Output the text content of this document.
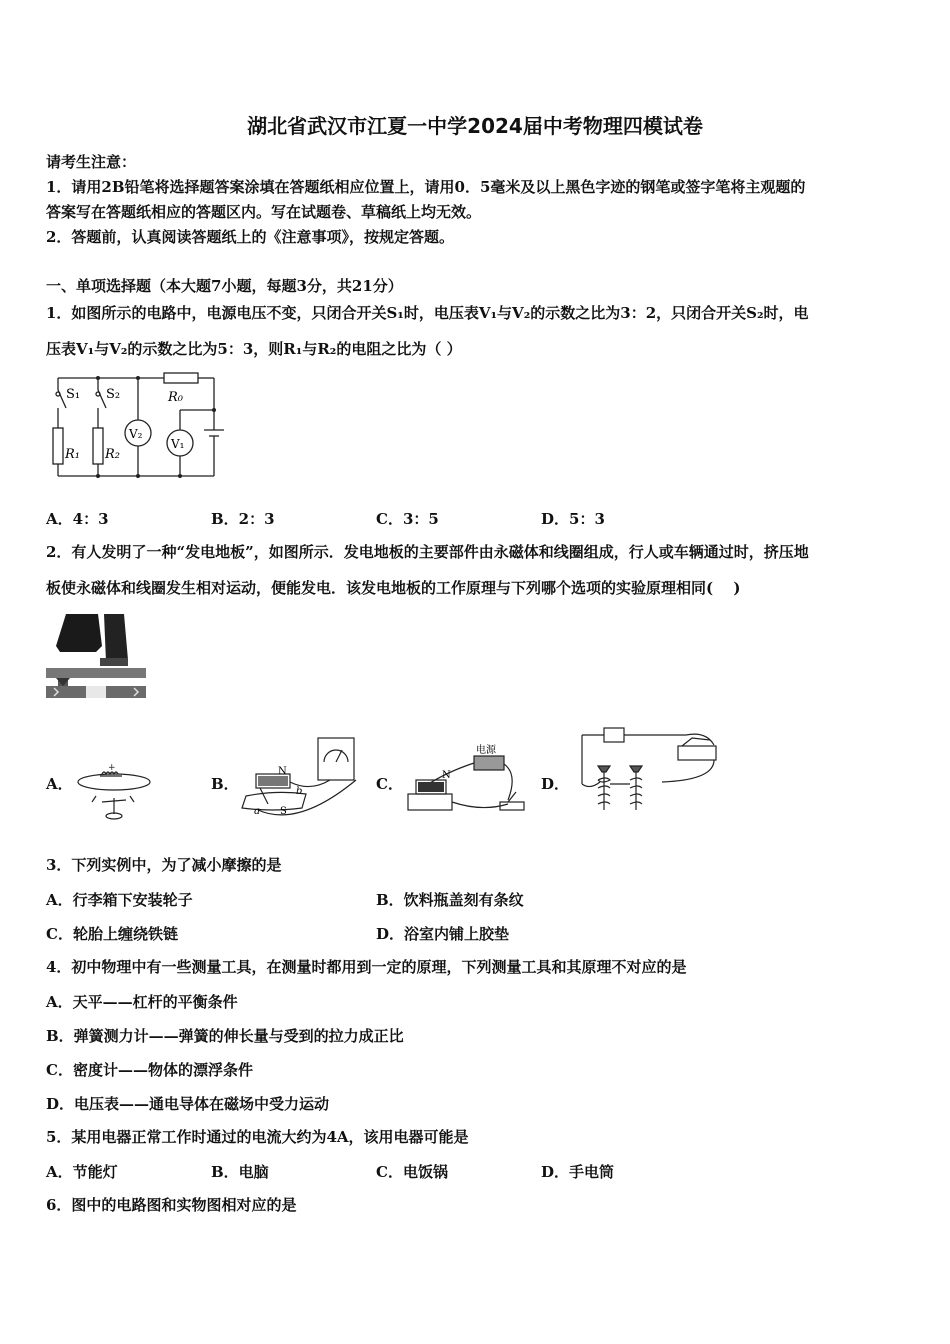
湖北省武汉市江夏一中学2024届中考物理四模试卷
请考生注意：
1．请用2B铅笔将选择题答案涂填在答题纸相应位置上，请用0．5毫米及以上黑色字迹的钢笔或签字笔将主观题的
答案写在答题纸相应的答题区内。写在试题卷、草稿纸上均无效。
2．答题前，认真阅读答题纸上的《注意事项》，按规定答题。
一、单项选择题（本大题7小题，每题3分，共21分）
1．如图所示的电路中，电源电压不变，只闭合开关S₁时，电压表V₁与V₂的示数之比为3：2，只闭合开关S₂时，电
压表V₁与V₂的示数之比为5：3，则R₁与R₂的电阻之比为（ ）
S₁ S₂	R₀
R₁ R₂
V₂
V₁
A．4：3	B．2：3	C．3：5	D．5：3
2．有人发明了一种“发电地板”，如图所示．发电地板的主要部件由永磁体和线圈组成，行人或车辆通过时，挤压地
板使永磁体和线圈发生相对运动，便能发电．该发电地板的工作原理与下列哪个选项的实验原理相同(　 )
A．
+
B．
N
b
a S
C．
电源
N	D．
3．下列实例中，为了减小摩擦的是
A．行李箱下安装轮子	B．饮料瓶盖刻有条纹
C．轮胎上缠绕铁链	D．浴室内铺上胶垫
4．初中物理中有一些测量工具，在测量时都用到一定的原理，下列测量工具和其原理不对应的是
A．天平——杠杆的平衡条件
B．弹簧测力计——弹簧的伸长量与受到的拉力成正比
C．密度计——物体的漂浮条件
D．电压表——通电导体在磁场中受力运动
5．某用电器正常工作时通过的电流大约为4A，该用电器可能是
A．节能灯	B．电脑	C．电饭锅	D．手电筒
6．图中的电路图和实物图相对应的是
